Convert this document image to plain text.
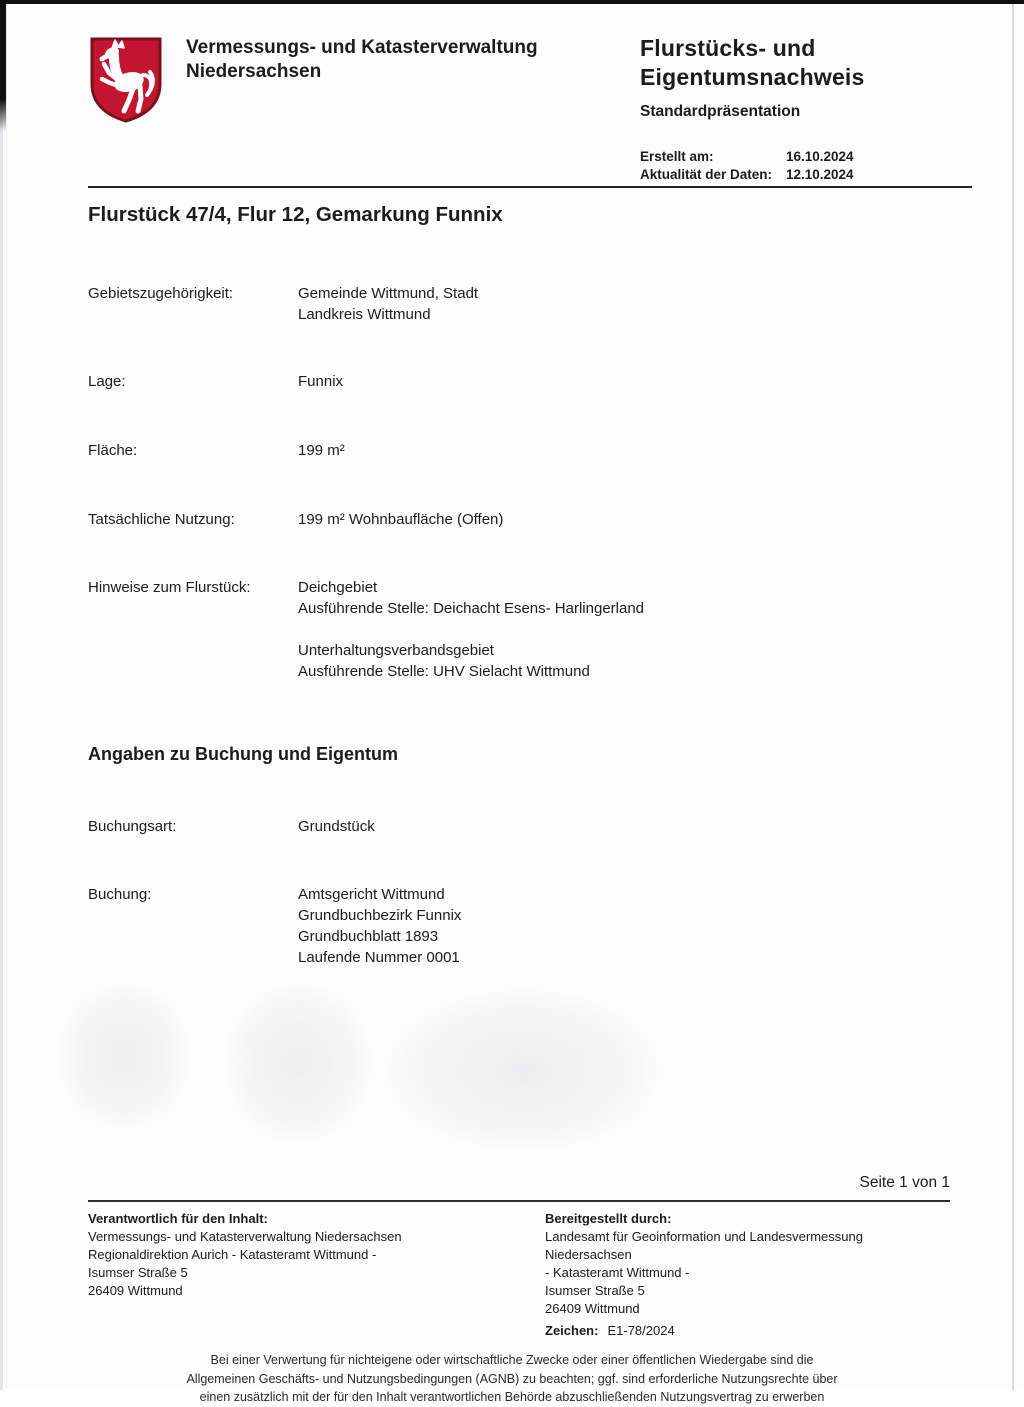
Vermessungs- und Katasterverwaltung
Niedersachsen
Flurstücks- und
Eigentumsnachweis
Standardpräsentation
Erstellt am:	16.10.2024
Aktualität der Daten:	12.10.2024
Flurstück 47/4, Flur 12, Gemarkung Funnix
Gebietszugehörigkeit:	Gemeinde Wittmund, Stadt
Landkreis Wittmund
Lage:	Funnix
Fläche:	199 m²
Tatsächliche Nutzung:	199 m² Wohnbaufläche (Offen)
Hinweise zum Flurstück:	Deichgebiet
Ausführende Stelle: Deichacht Esens- Harlingerland
Unterhaltungsverbandsgebiet
Ausführende Stelle: UHV Sielacht Wittmund
Angaben zu Buchung und Eigentum
Buchungsart:	Grundstück
Buchung:	Amtsgericht Wittmund
Grundbuchbezirk Funnix
Grundbuchblatt 1893
Laufende Nummer 0001
Seite 1 von 1
Verantwortlich für den Inhalt:
Vermessungs- und Katasterverwaltung Niedersachsen
Regionaldirektion Aurich - Katasteramt Wittmund -
Isumser Straße 5
26409 Wittmund
Bereitgestellt durch:
Landesamt für Geoinformation und Landesvermessung
Niedersachsen
- Katasteramt Wittmund -
Isumser Straße 5
26409 Wittmund
Zeichen: E1-78/2024
Bei einer Verwertung für nichteigene oder wirtschaftliche Zwecke oder einer öffentlichen Wiedergabe sind die
Allgemeinen Geschäfts- und Nutzungsbedingungen (AGNB) zu beachten; ggf. sind erforderliche Nutzungsrechte über
einen zusätzlich mit der für den Inhalt verantwortlichen Behörde abzuschließenden Nutzungsvertrag zu erwerben
